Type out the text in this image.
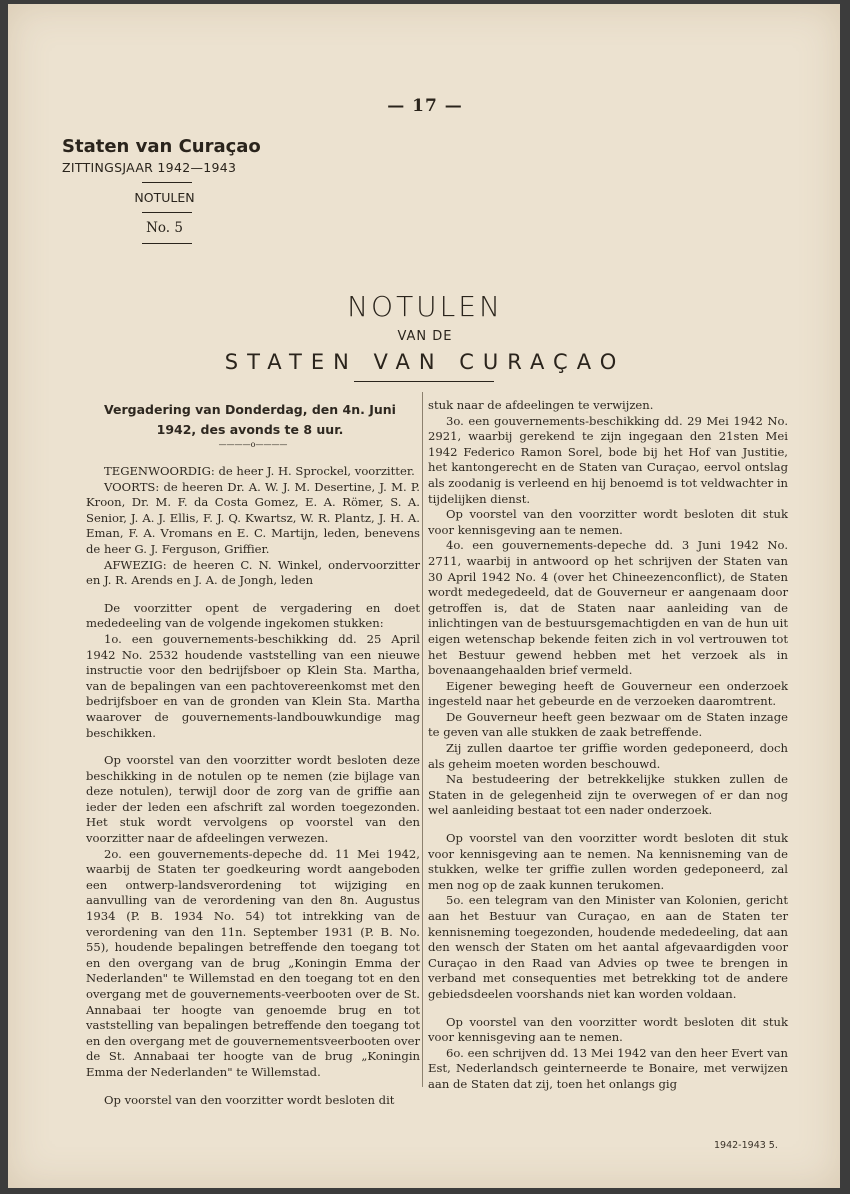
— 17 —
Staten van Curaçao
ZITTINGSJAAR 1942—1943
NOTULEN
No. 5
NOTULEN
VAN DE
STATEN VAN CURAÇAO
Vergadering van Donderdag, den 4n. Juni 1942, des avonds te 8 uur.
————o————

TEGENWOORDIG: de heer J. H. Sprockel, voorzitter.

VOORTS: de heeren Dr. A. W. J. M. Desertine, J. M. P. Kroon, Dr. M. F. da Costa Gomez, E. A. Römer, S. A. Senior, J. A. J. Ellis, F. J. Q. Kwartsz, W. R. Plantz, J. H. A. Eman, F. A. Vromans en E. C. Martijn, leden, benevens de heer G. J. Ferguson, Griffier.

AFWEZIG: de heeren C. N. Winkel, ondervoorzitter en J. R. Arends en J. A. de Jongh, leden

De voorzitter opent de vergadering en doet mededeeling van de volgende ingekomen stukken:

1o. een gouvernements-beschikking dd. 25 April 1942 No. 2532 houdende vaststelling van een nieuwe instructie voor den bedrijfsboer op Klein Sta. Martha, van de bepalingen van een pachtovereenkomst met den bedrijfsboer en van de gronden van Klein Sta. Martha waarover de gouvernements-landbouwkundige mag beschikken.

Op voorstel van den voorzitter wordt besloten deze beschikking in de notulen op te nemen (zie bijlage van deze notulen), terwijl door de zorg van de griffie aan ieder der leden een afschrift zal worden toegezonden. Het stuk wordt vervolgens op voorstel van den voorzitter naar de afdeelingen verwezen.

2o. een gouvernements-depeche dd. 11 Mei 1942, waarbij de Staten ter goedkeuring wordt aangeboden een ontwerp-landsverordening tot wijziging en aanvulling van de verordening van den 8n. Augustus 1934 (P. B. 1934 No. 54) tot intrekking van de verordening van den 11n. September 1931 (P. B. No. 55), houdende bepalingen betreffende den toegang tot en den overgang van de brug „Koningin Emma der Nederlanden" te Willemstad en den toegang tot en den overgang met de gouvernements-veerbooten over de St. Annabaai ter hoogte van genoemde brug en tot vaststelling van bepalingen betreffende den toegang tot en den overgang met de gouvernementsveerbooten over de St. Annabaai ter hoogte van de brug „Koningin Emma der Nederlanden" te Willemstad.

Op voorstel van den voorzitter wordt besloten dit

stuk naar de afdeelingen te verwijzen.

3o. een gouvernements-beschikking dd. 29 Mei 1942 No. 2921, waarbij gerekend te zijn ingegaan den 21sten Mei 1942 Federico Ramon Sorel, bode bij het Hof van Justitie, het kantongerecht en de Staten van Curaçao, eervol ontslag als zoodanig is verleend en hij benoemd is tot veldwachter in tijdelijken dienst.

Op voorstel van den voorzitter wordt besloten dit stuk voor kennisgeving aan te nemen.

4o. een gouvernements-depeche dd. 3 Juni 1942 No. 2711, waarbij in antwoord op het schrijven der Staten van 30 April 1942 No. 4 (over het Chineezenconflict), de Staten wordt medegedeeld, dat de Gouverneur er aangenaam door getroffen is, dat de Staten naar aanleiding van de inlichtingen van de bestuursgemachtigden en van de hun uit eigen wetenschap bekende feiten zich in vol vertrouwen tot het Bestuur gewend hebben met het verzoek als in bovenaangehaalden brief vermeld.

Eigener beweging heeft de Gouverneur een onderzoek ingesteld naar het gebeurde en de verzoeken daaromtrent.

De Gouverneur heeft geen bezwaar om de Staten inzage te geven van alle stukken de zaak betreffende.

Zij zullen daartoe ter griffie worden gedeponeerd, doch als geheim moeten worden beschouwd.

Na bestudeering der betrekkelijke stukken zullen de Staten in de gelegenheid zijn te overwegen of er dan nog wel aanleiding bestaat tot een nader onderzoek.

Op voorstel van den voorzitter wordt besloten dit stuk voor kennisgeving aan te nemen. Na kennisneming van de stukken, welke ter griffie zullen worden gedeponeerd, zal men nog op de zaak kunnen terukomen.

5o. een telegram van den Minister van Kolonien, gericht aan het Bestuur van Curaçao, en aan de Staten ter kennisneming toegezonden, houdende mededeeling, dat aan den wensch der Staten om het aantal afgevaardigden voor Curaçao in den Raad van Advies op twee te brengen in verband met consequenties met betrekking tot de andere gebiedsdeelen voorshands niet kan worden voldaan.

Op voorstel van den voorzitter wordt besloten dit stuk voor kennisgeving aan te nemen.

6o. een schrijven dd. 13 Mei 1942 van den heer Evert van Est, Nederlandsch geinterneerde te Bonaire, met verwijzen aan de Staten dat zij, toen het onlangs gig

1942-1943 5.
